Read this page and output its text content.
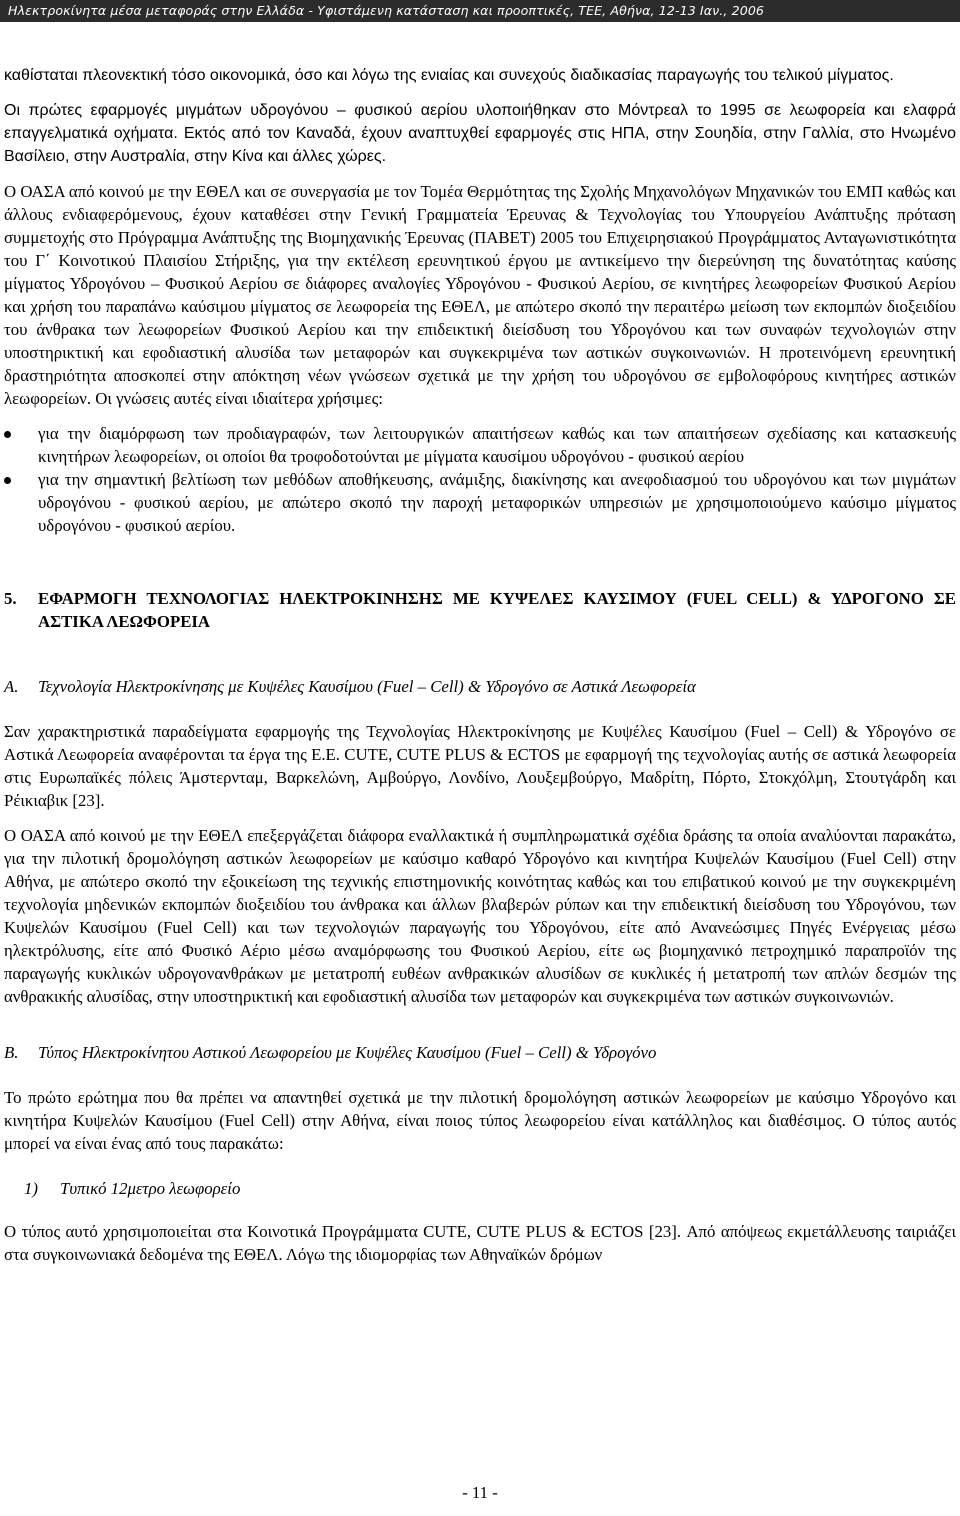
Ηλεκτροκίνητα μέσα μεταφοράς στην Ελλάδα - Υφιστάμενη κατάσταση και προοπτικές, ΤΕΕ, Αθήνα, 12-13 Ιαν., 2006

καθίσταται πλεονεκτική τόσο οικονομικά, όσο και λόγω της ενιαίας και συνεχούς διαδικασίας παραγωγής του τελικού μίγματος.

Οι πρώτες εφαρμογές μιγμάτων υδρογόνου – φυσικού αερίου υλοποιήθηκαν στο Μόντρεαλ το 1995 σε λεωφορεία και ελαφρά επαγγελματικά οχήματα. Εκτός από τον Καναδά, έχουν αναπτυχθεί εφαρμογές στις ΗΠΑ, στην Σουηδία, στην Γαλλία, στο Ηνωμένο Βασίλειο, στην Αυστραλία, στην Κίνα και άλλες χώρες.

Ο ΟΑΣΑ από κοινού με την ΕΘΕΛ και σε συνεργασία με τον Τομέα Θερμότητας της Σχολής Μηχανολόγων Μηχανικών του ΕΜΠ καθώς και άλλους ενδιαφερόμενους, έχουν καταθέσει στην Γενική Γραμματεία Έρευνας & Τεχνολογίας του Υπουργείου Ανάπτυξης πρόταση συμμετοχής στο Πρόγραμμα Ανάπτυξης της Βιομηχανικής Έρευνας (ΠΑΒΕΤ) 2005 του Επιχειρησιακού Προγράμματος Ανταγωνιστικότητα του Γ΄ Κοινοτικού Πλαισίου Στήριξης, για την εκτέλεση ερευνητικού έργου με αντικείμενο την διερεύνηση της δυνατότητας καύσης μίγματος Υδρογόνου – Φυσικού Αερίου σε διάφορες αναλογίες Υδρογόνου - Φυσικού Αερίου, σε κινητήρες λεωφορείων Φυσικού Αερίου και χρήση του παραπάνω καύσιμου μίγματος σε λεωφορεία της ΕΘΕΛ, με απώτερο σκοπό την περαιτέρω μείωση των εκπομπών διοξειδίου του άνθρακα των λεωφορείων Φυσικού Αερίου και την επιδεικτική διείσδυση του Υδρογόνου και των συναφών τεχνολογιών στην υποστηρικτική και εφοδιαστική αλυσίδα των μεταφορών και συγκεκριμένα των αστικών συγκοινωνιών. Η προτεινόμενη ερευνητική δραστηριότητα αποσκοπεί στην απόκτηση νέων γνώσεων σχετικά με την χρήση του υδρογόνου σε εμβολοφόρους κινητήρες αστικών λεωφορείων. Οι γνώσεις αυτές είναι ιδιαίτερα χρήσιμες:

για την διαμόρφωση των προδιαγραφών, των λειτουργικών απαιτήσεων καθώς και των απαιτήσεων σχεδίασης και κατασκευής κινητήρων λεωφορείων, οι οποίοι θα τροφοδοτούνται με μίγματα καυσίμου υδρογόνου - φυσικού αερίου
για την σημαντική βελτίωση των μεθόδων αποθήκευσης, ανάμιξης, διακίνησης και ανεφοδιασμού του υδρογόνου και των μιγμάτων υδρογόνου - φυσικού αερίου, με απώτερο σκοπό την παροχή μεταφορικών υπηρεσιών με χρησιμοποιούμενο καύσιμο μίγματος υδρογόνου - φυσικού αερίου.
5.	ΕΦΑΡΜΟΓΗ ΤΕΧΝΟΛΟΓΙΑΣ ΗΛΕΚΤΡΟΚΙΝΗΣΗΣ ΜΕ ΚΥΨΕΛΕΣ ΚΑΥΣΙΜΟΥ (FUEL CELL) & ΥΔΡΟΓΟΝΟ ΣΕ ΑΣΤΙΚΑ ΛΕΩΦΟΡΕΙΑ
Α.	Τεχνολογία Ηλεκτροκίνησης με Κυψέλες Καυσίμου (Fuel – Cell) & Υδρογόνο σε Αστικά Λεωφορεία

Σαν χαρακτηριστικά παραδείγματα εφαρμογής της Τεχνολογίας Ηλεκτροκίνησης με Κυψέλες Καυσίμου (Fuel – Cell) & Υδρογόνο σε Αστικά Λεωφορεία αναφέρονται τα έργα της Ε.Ε. CUTE, CUTE PLUS & ECTOS με εφαρμογή της τεχνολογίας αυτής σε αστικά λεωφορεία στις Ευρωπαϊκές πόλεις Άμστερνταμ, Βαρκελώνη, Αμβούργο, Λονδίνο, Λουξεμβούργο, Μαδρίτη, Πόρτο, Στοκχόλμη, Στουτγάρδη και Ρέικιαβικ [23].

Ο ΟΑΣΑ από κοινού με την ΕΘΕΛ επεξεργάζεται διάφορα εναλλακτικά ή συμπληρωματικά σχέδια δράσης τα οποία αναλύονται παρακάτω, για την πιλοτική δρομολόγηση αστικών λεωφορείων με καύσιμο καθαρό Υδρογόνο και κινητήρα Κυψελών Καυσίμου (Fuel Cell) στην Αθήνα, με απώτερο σκοπό την εξοικείωση της τεχνικής επιστημονικής κοινότητας καθώς και του επιβατικού κοινού με την συγκεκριμένη τεχνολογία μηδενικών εκπομπών διοξειδίου του άνθρακα και άλλων βλαβερών ρύπων και την επιδεικτική διείσδυση του Υδρογόνου, των Κυψελών Καυσίμου (Fuel Cell) και των τεχνολογιών παραγωγής του Υδρογόνου, είτε από Ανανεώσιμες Πηγές Ενέργειας μέσω ηλεκτρόλυσης, είτε από Φυσικό Αέριο μέσω αναμόρφωσης του Φυσικού Αερίου, είτε ως βιομηχανικό πετροχημικό παραπροϊόν της παραγωγής κυκλικών υδρογονανθράκων με μετατροπή ευθέων ανθρακικών αλυσίδων σε κυκλικές ή μετατροπή των απλών δεσμών της ανθρακικής αλυσίδας, στην υποστηρικτική και εφοδιαστική αλυσίδα των μεταφορών και συγκεκριμένα των αστικών συγκοινωνιών.

Β.	Τύπος Ηλεκτροκίνητου Αστικού Λεωφορείου με Κυψέλες Καυσίμου (Fuel – Cell) & Υδρογόνο

Το πρώτο ερώτημα που θα πρέπει να απαντηθεί σχετικά με την πιλοτική δρομολόγηση αστικών λεωφορείων με καύσιμο Υδρογόνο και κινητήρα Κυψελών Καυσίμου (Fuel Cell) στην Αθήνα, είναι ποιος τύπος λεωφορείου είναι κατάλληλος και διαθέσιμος. Ο τύπος αυτός μπορεί να είναι ένας από τους παρακάτω:

1)	Τυπικό 12μετρο λεωφορείο

Ο τύπος αυτό χρησιμοποιείται στα Κοινοτικά Προγράμματα CUTE, CUTE PLUS & ECTOS [23]. Από απόψεως εκμετάλλευσης ταιριάζει στα συγκοινωνιακά δεδομένα της ΕΘΕΛ. Λόγω της ιδιομορφίας των Αθηναϊκών δρόμων

- 11 -
